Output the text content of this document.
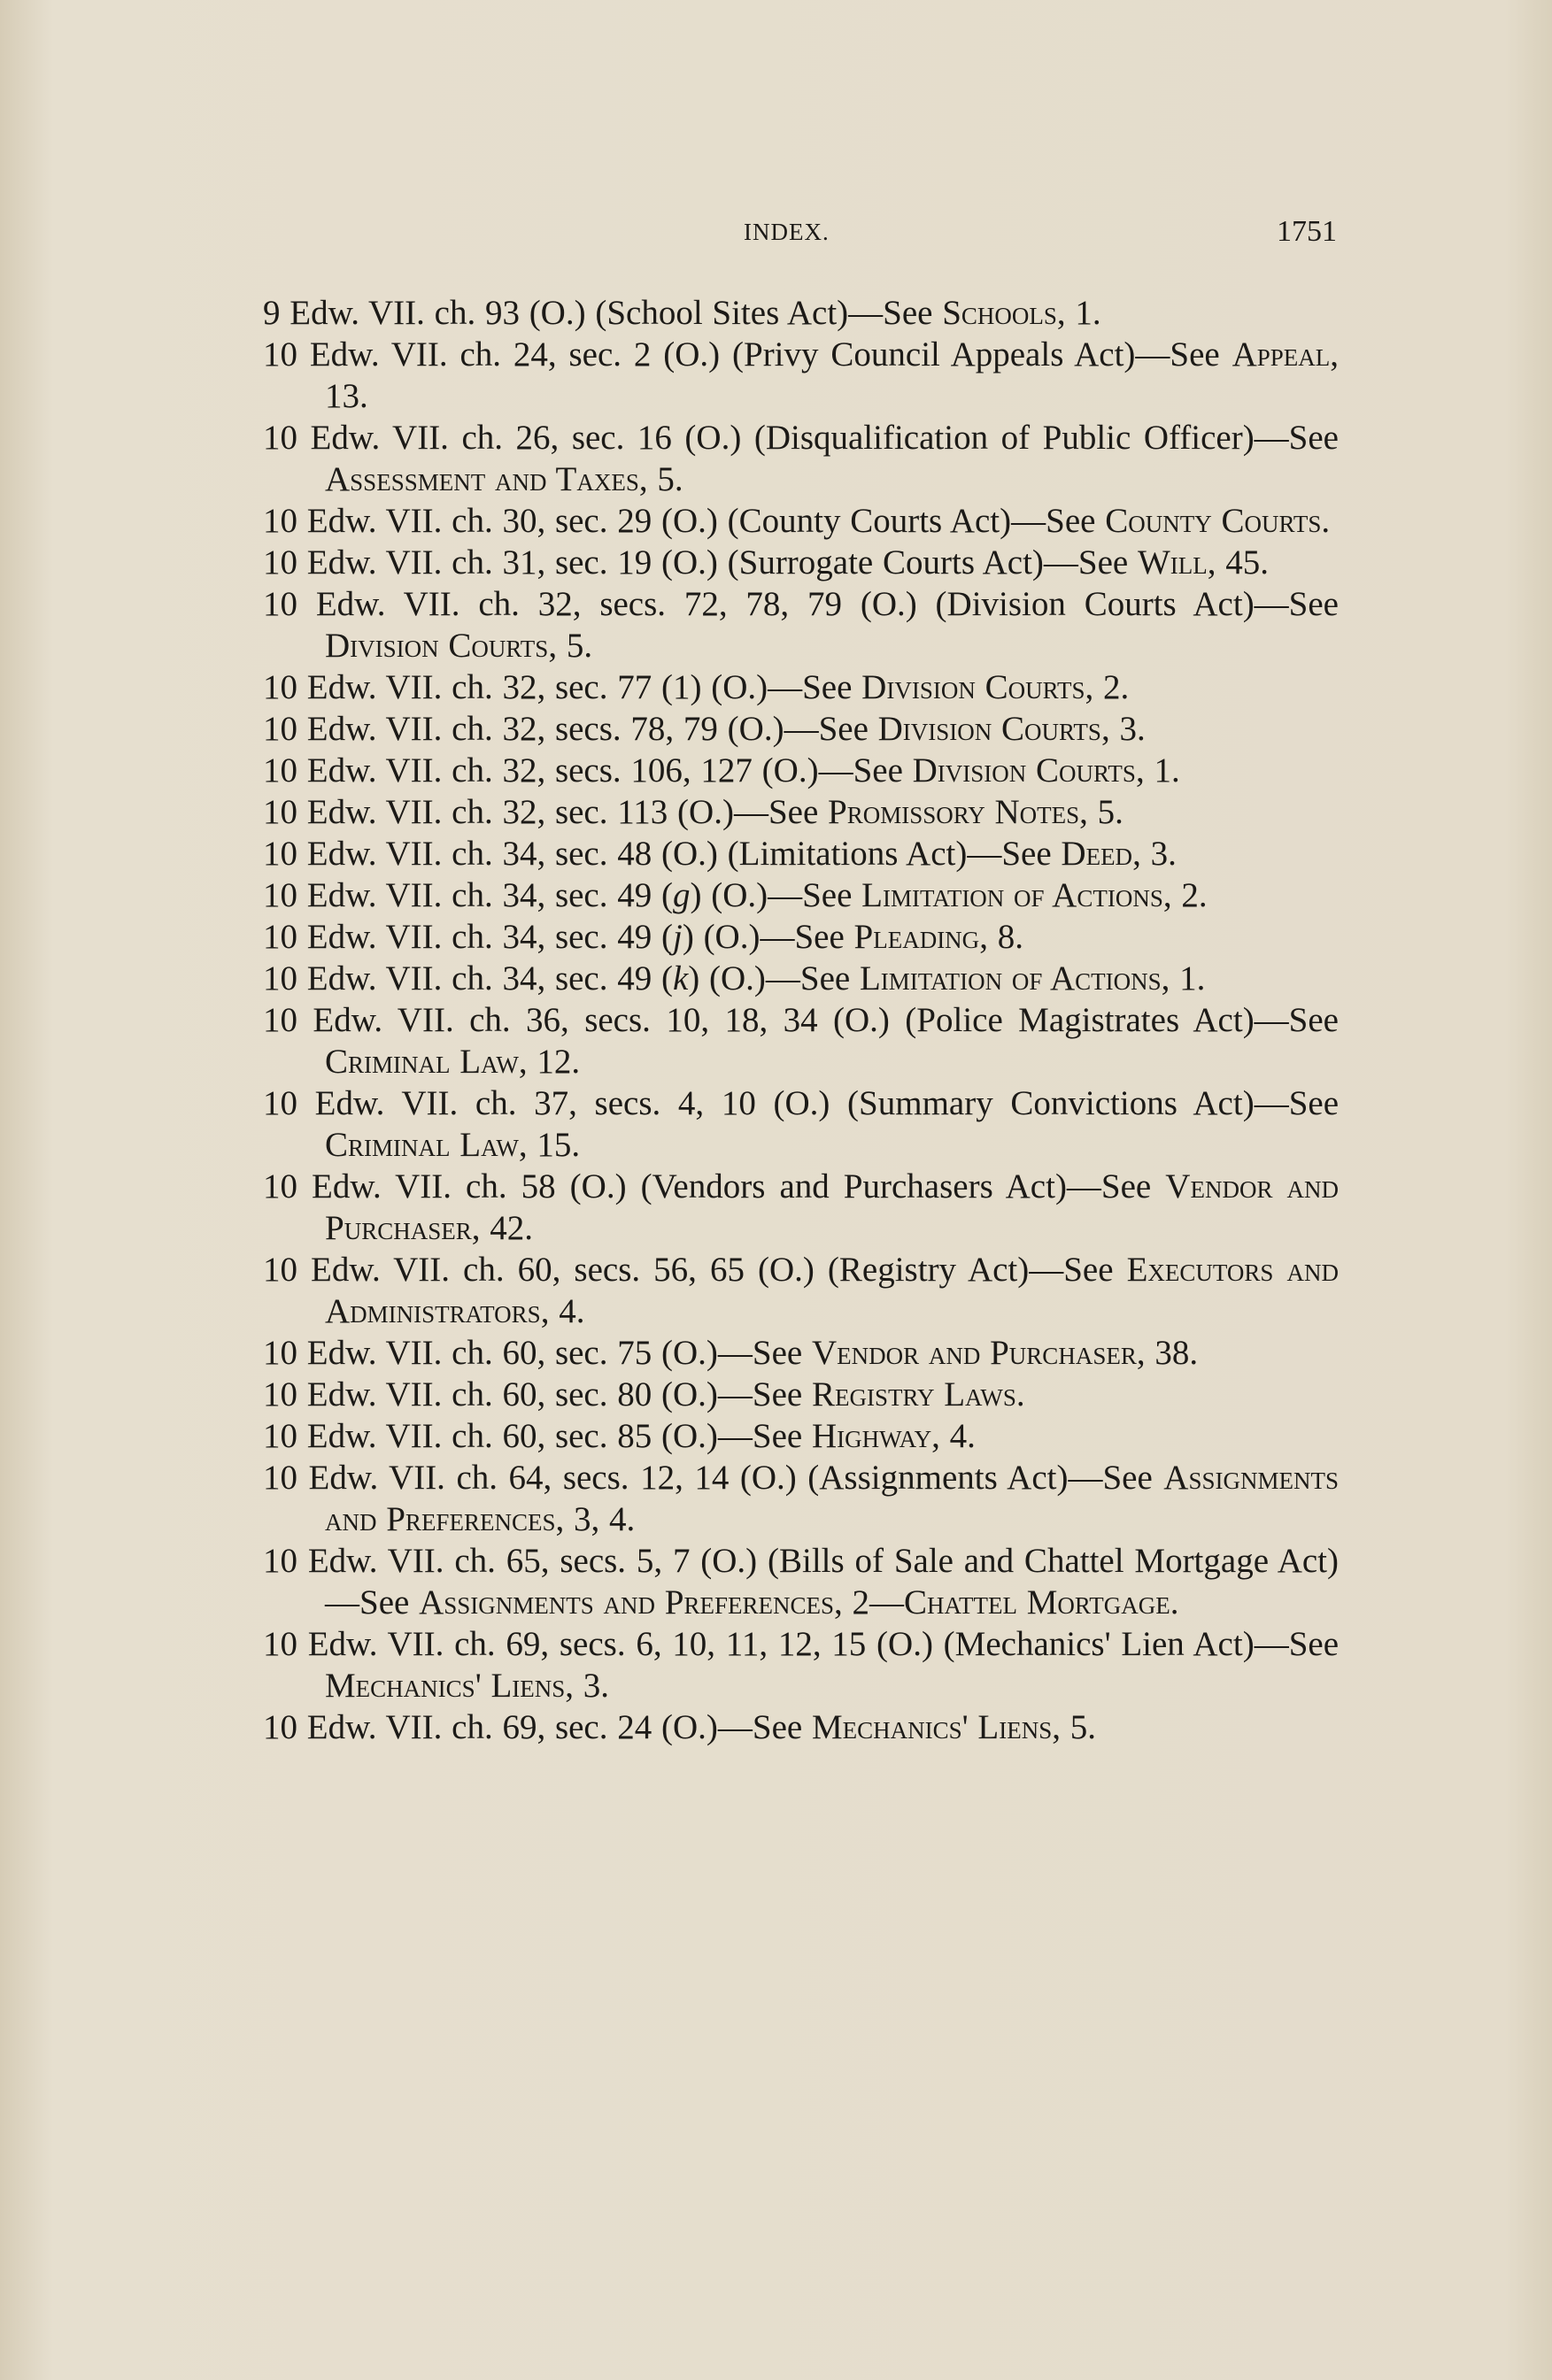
INDEX.	1751
9 Edw. VII. ch. 93 (O.) (School Sites Act)—See Schools, 1.
10 Edw. VII. ch. 24, sec. 2 (O.) (Privy Council Appeals Act)—See Appeal, 13.
10 Edw. VII. ch. 26, sec. 16 (O.) (Disqualification of Public Officer)—See Assessment and Taxes, 5.
10 Edw. VII. ch. 30, sec. 29 (O.) (County Courts Act)—See County Courts.
10 Edw. VII. ch. 31, sec. 19 (O.) (Surrogate Courts Act)—See Will, 45.
10 Edw. VII. ch. 32, secs. 72, 78, 79 (O.) (Division Courts Act)—See Division Courts, 5.
10 Edw. VII. ch. 32, sec. 77 (1) (O.)—See Division Courts, 2.
10 Edw. VII. ch. 32, secs. 78, 79 (O.)—See Division Courts, 3.
10 Edw. VII. ch. 32, secs. 106, 127 (O.)—See Division Courts, 1.
10 Edw. VII. ch. 32, sec. 113 (O.)—See Promissory Notes, 5.
10 Edw. VII. ch. 34, sec. 48 (O.) (Limitations Act)—See Deed, 3.
10 Edw. VII. ch. 34, sec. 49 (g) (O.)—See Limitation of Actions, 2.
10 Edw. VII. ch. 34, sec. 49 (j) (O.)—See Pleading, 8.
10 Edw. VII. ch. 34, sec. 49 (k) (O.)—See Limitation of Actions, 1.
10 Edw. VII. ch. 36, secs. 10, 18, 34 (O.) (Police Magistrates Act)—See Criminal Law, 12.
10 Edw. VII. ch. 37, secs. 4, 10 (O.) (Summary Convictions Act)—See Criminal Law, 15.
10 Edw. VII. ch. 58 (O.) (Vendors and Purchasers Act)—See Vendor and Purchaser, 42.
10 Edw. VII. ch. 60, secs. 56, 65 (O.) (Registry Act)—See Executors and Administrators, 4.
10 Edw. VII. ch. 60, sec. 75 (O.)—See Vendor and Purchaser, 38.
10 Edw. VII. ch. 60, sec. 80 (O.)—See Registry Laws.
10 Edw. VII. ch. 60, sec. 85 (O.)—See Highway, 4.
10 Edw. VII. ch. 64, secs. 12, 14 (O.) (Assignments Act)—See Assignments and Preferences, 3, 4.
10 Edw. VII. ch. 65, secs. 5, 7 (O.) (Bills of Sale and Chattel Mortgage Act)—See Assignments and Preferences, 2—Chattel Mortgage.
10 Edw. VII. ch. 69, secs. 6, 10, 11, 12, 15 (O.) (Mechanics' Lien Act)—See Mechanics' Liens, 3.
10 Edw. VII. ch. 69, sec. 24 (O.)—See Mechanics' Liens, 5.
